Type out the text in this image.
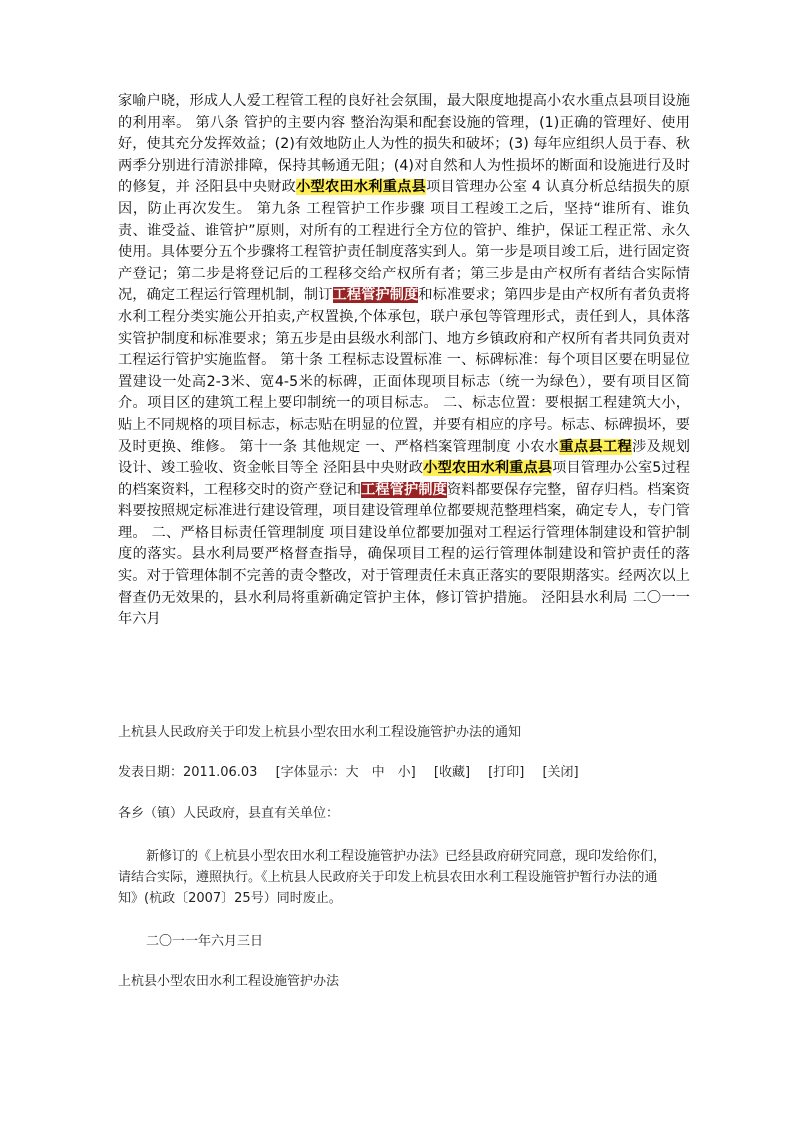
家喻户晓，形成人人爱工程管工程的良好社会氛围，最大限度地提高小农水重点县项目设施的利用率。 第八条 管护的主要内容 整治沟渠和配套设施的管理，(1)正确的管理好、使用好，使其充分发挥效益；(2)有效地防止人为性的损失和破坏；(3) 每年应组织人员于春、秋两季分别进行清淤排障，保持其畅通无阻；(4)对自然和人为性损坏的断面和设施进行及时的修复，并 泾阳县中央财政小型农田水利重点县项目管理办公室 4 认真分析总结损失的原因，防止再次发生。 第九条 工程管护工作步骤 项目工程竣工之后，坚持“谁所有、谁负责、谁受益、谁管护”原则，对所有的工程进行全方位的管护、维护，保证工程正常、永久使用。具体要分五个步骤将工程管护责任制度落实到人。第一步是项目竣工后，进行固定资产登记；第二步是将登记后的工程移交给产权所有者；第三步是由产权所有者结合实际情况，确定工程运行管理机制，制订工程管护制度和标准要求；第四步是由产权所有者负责将水利工程分类实施公开拍卖,产权置换,个体承包，联户承包等管理形式，责任到人，具体落实管护制度和标准要求；第五步是由县级水利部门、地方乡镇政府和产权所有者共同负责对工程运行管护实施监督。 第十条 工程标志设置标准 一、标碑标准：每个项目区要在明显位置建设一处高2-3米、宽4-5米的标碑，正面体现项目标志（统一为绿色），要有项目区简介。项目区的建筑工程上要印制统一的项目标志。 二、标志位置：要根据工程建筑大小，贴上不同规格的项目标志，标志贴在明显的位置，并要有相应的序号。标志、标碑损坏，要及时更换、维修。 第十一条 其他规定 一、严格档案管理制度 小农水重点县工程涉及规划设计、竣工验收、资金帐目等全 泾阳县中央财政小型农田水利重点县项目管理办公室5过程的档案资料，工程移交时的资产登记和工程管护制度资料都要保存完整，留存归档。档案资料要按照规定标准进行建设管理，项目建设管理单位都要规范整理档案，确定专人，专门管理。 二、严格目标责任管理制度 项目建设单位都要加强对工程运行管理体制建设和管护制度的落实。县水利局要严格督查指导，确保项目工程的运行管理体制建设和管护责任的落实。对于管理体制不完善的责令整改，对于管理责任未真正落实的要限期落实。经两次以上督查仍无效果的，县水利局将重新确定管护主体，修订管护措施。 泾阳县水利局 二〇一一年六月
上杭县人民政府关于印发上杭县小型农田水利工程设施管护办法的通知
发表日期：2011.06.03 [字体显示：大　中　小] [收藏] [打印] [关闭]
各乡（镇）人民政府，县直有关单位：
新修订的《上杭县小型农田水利工程设施管护办法》已经县政府研究同意，现印发给你们，请结合实际，遵照执行。《上杭县人民政府关于印发上杭县农田水利工程设施管护暂行办法的通知》(杭政〔2007〕25号）同时废止。
二〇一一年六月三日
上杭县小型农田水利工程设施管护办法
